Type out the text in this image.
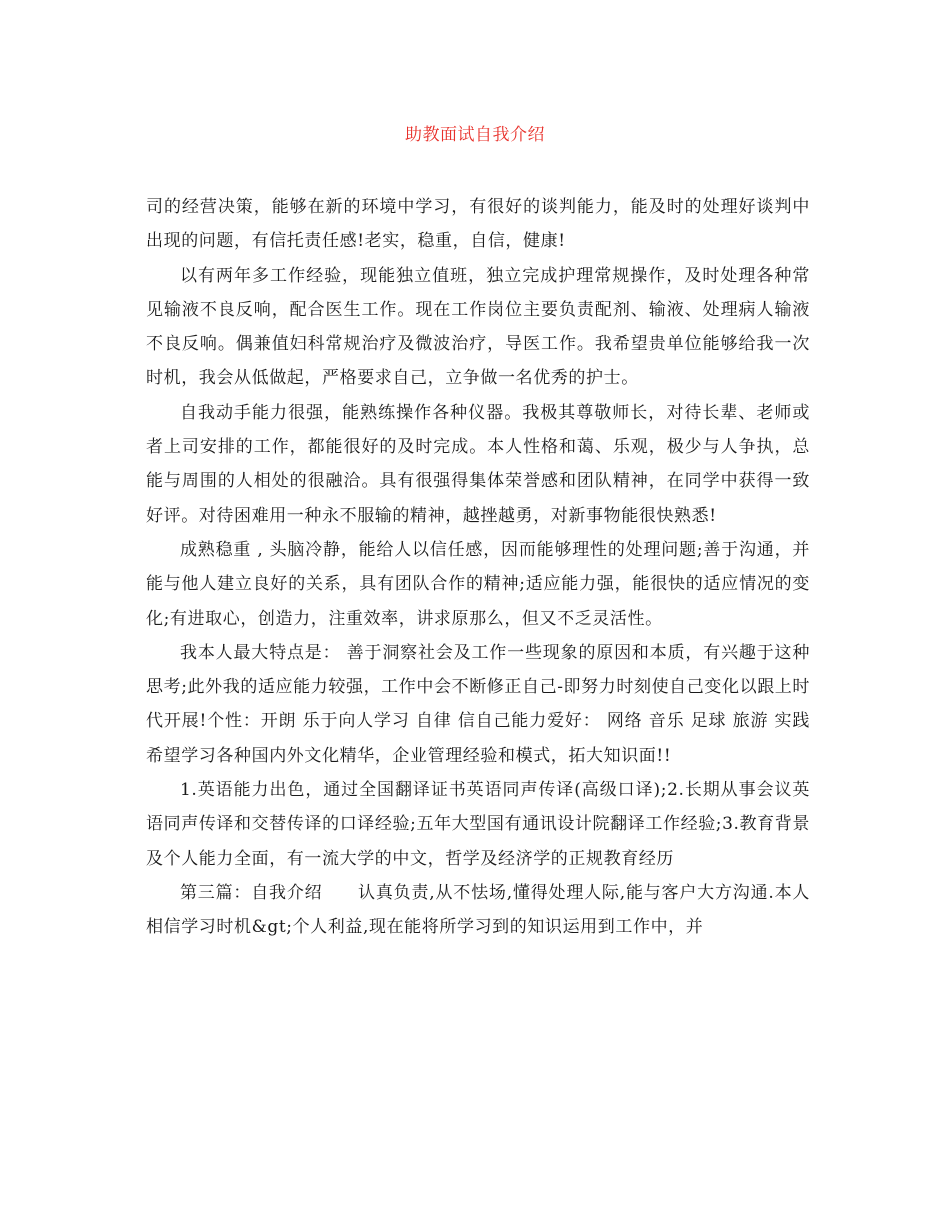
助教面试自我介绍

司的经营决策，能够在新的环境中学习，有很好的谈判能力，能及时的处理好谈判中出现的问题，有信托责任感!老实，稳重，自信，健康!

以有两年多工作经验，现能独立值班，独立完成护理常规操作，及时处理各种常见输液不良反响，配合医生工作。现在工作岗位主要负责配剂、输液、处理病人输液不良反响。偶兼值妇科常规治疗及微波治疗，导医工作。我希望贵单位能够给我一次时机，我会从低做起，严格要求自己，立争做一名优秀的护士。

自我动手能力很强，能熟练操作各种仪器。我极其尊敬师长，对待长辈、老师或者上司安排的工作，都能很好的及时完成。本人性格和蔼、乐观，极少与人争执，总能与周围的人相处的很融洽。具有很强得集体荣誉感和团队精神，在同学中获得一致好评。对待困难用一种永不服输的精神，越挫越勇，对新事物能很快熟悉!

成熟稳重 , 头脑冷静，能给人以信任感，因而能够理性的处理问题;善于沟通，并能与他人建立良好的关系，具有团队合作的精神;适应能力强，能很快的适应情况的变化;有进取心，创造力，注重效率，讲求原那么，但又不乏灵活性。

我本人最大特点是： 善于洞察社会及工作一些现象的原因和本质，有兴趣于这种思考;此外我的适应能力较强，工作中会不断修正自己-即努力时刻使自己变化以跟上时代开展!个性：开朗 乐于向人学习 自律 信自己能力爱好： 网络 音乐 足球 旅游 实践希望学习各种国内外文化精华，企业管理经验和模式，拓大知识面!!

1.英语能力出色，通过全国翻译证书英语同声传译(高级口译);2.长期从事会议英语同声传译和交替传译的口译经验;五年大型国有通讯设计院翻译工作经验;3.教育背景及个人能力全面，有一流大学的中文，哲学及经济学的正规教育经历

第三篇：自我介绍　　认真负责,从不怯场,懂得处理人际,能与客户大方沟通.本人相信学习时机&gt;个人利益,现在能将所学习到的知识运用到工作中，并
